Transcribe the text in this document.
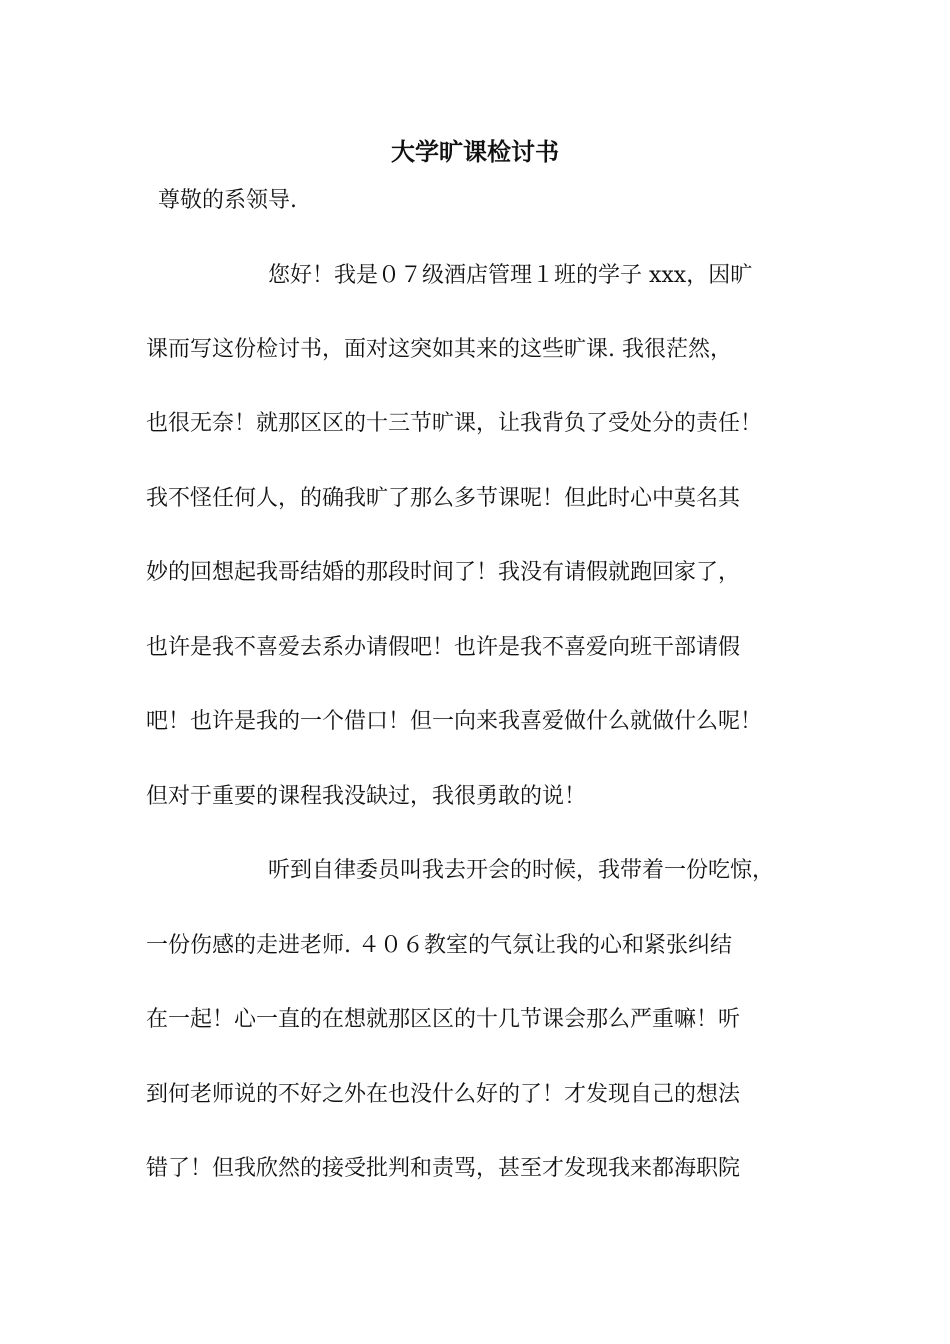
大学旷课检讨书
尊敬的系领导.
您好！我是０７级酒店管理１班的学子 xxx，因旷
课而写这份检讨书，面对这突如其来的这些旷课. 我很茫然，
也很无奈！就那区区的十三节旷课，让我背负了受处分的责任！
我不怪任何人，的确我旷了那么多节课呢！但此时心中莫名其
妙的回想起我哥结婚的那段时间了！我没有请假就跑回家了，
也许是我不喜爱去系办请假吧！也许是我不喜爱向班干部请假
吧！也许是我的一个借口！但一向来我喜爱做什么就做什么呢！
但对于重要的课程我没缺过，我很勇敢的说！
听到自律委员叫我去开会的时候，我带着一份吃惊，
一份伤感的走进老师. ４０６教室的气氛让我的心和紧张纠结
在一起！心一直的在想就那区区的十几节课会那么严重嘛！听
到何老师说的不好之外在也没什么好的了！才发现自己的想法
错了！但我欣然的接受批判和责骂，甚至才发现我来都海职院
